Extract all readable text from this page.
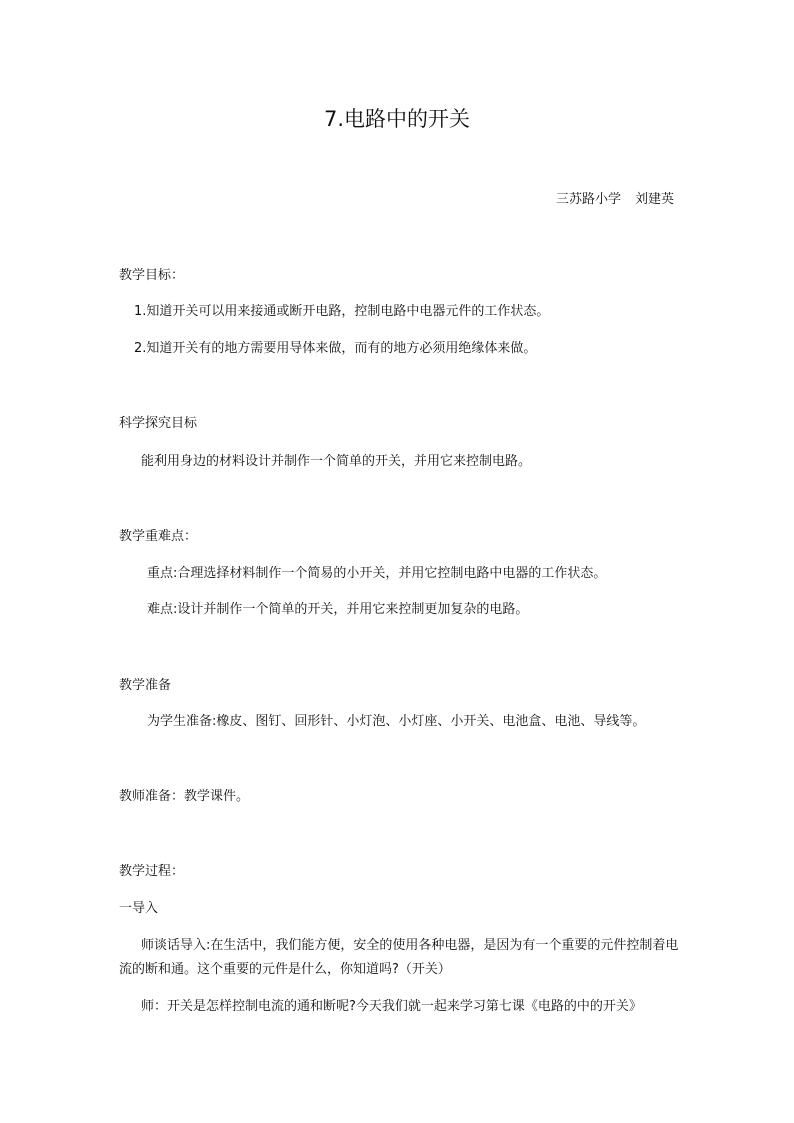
7.电路中的开关
三苏路小学 刘建英
教学目标：
1.知道开关可以用来接通或断开电路，控制电路中电器元件的工作状态。
2.知道开关有的地方需要用导体来做，而有的地方必须用绝缘体来做。
科学探究目标
能利用身边的材料设计并制作一个简单的开关，并用它来控制电路。
教学重难点：
重点:合理选择材料制作一个简易的小开关，并用它控制电路中电器的工作状态。
难点:设计并制作一个简单的开关，并用它来控制更加复杂的电路。
教学准备
为学生准备:橡皮、图钉、回形针、小灯泡、小灯座、小开关、电池盒、电池、导线等。
教师准备：教学课件。
教学过程：
一导入
师谈话导入:在生活中，我们能方便，安全的使用各种电器，是因为有一个重要的元件控制着电流的断和通。这个重要的元件是什么，你知道吗?（开关）
师：开关是怎样控制电流的通和断呢?今天我们就一起来学习第七课《电路的中的开关》
